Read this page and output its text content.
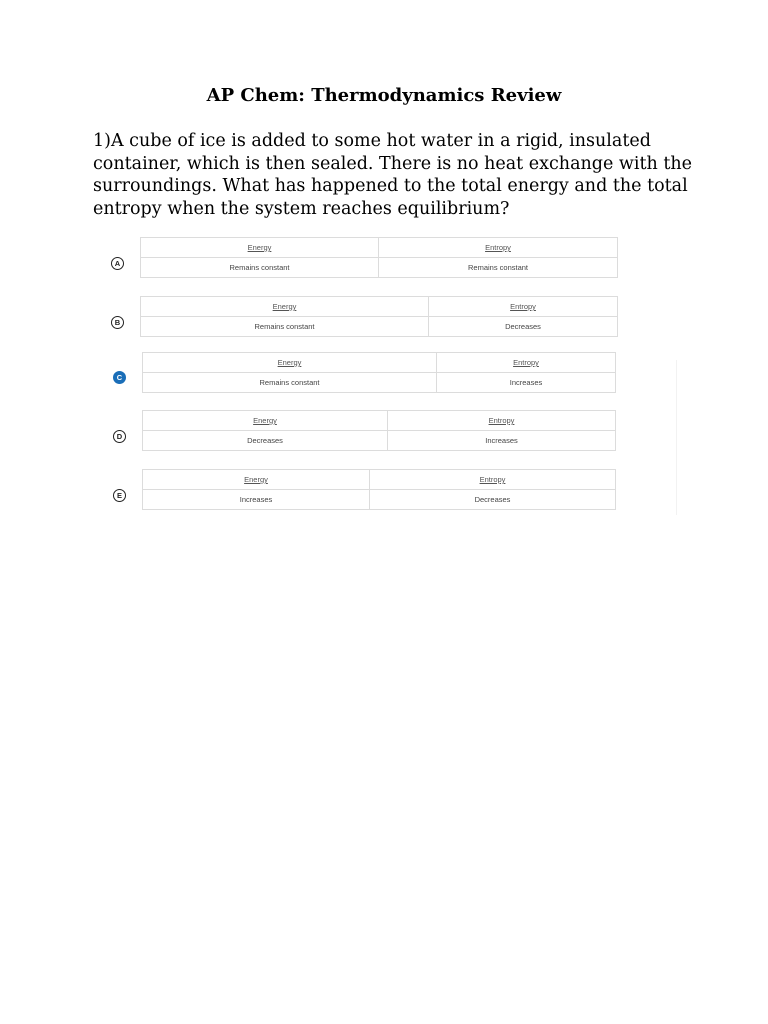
AP Chem: Thermodynamics Review
1)A cube of ice is added to some hot water in a rigid, insulated container, which is then sealed. There is no heat exchange with the surroundings. What has happened to the total energy and the total entropy when the system reaches equilibrium?
A
Energy	Entropy
Remains constant	Remains constant
B
Energy	Entropy
Remains constant	Decreases
C
Energy	Entropy
Remains constant	Increases
D
Energy	Entropy
Decreases	Increases
E
Energy	Entropy
Increases	Decreases
